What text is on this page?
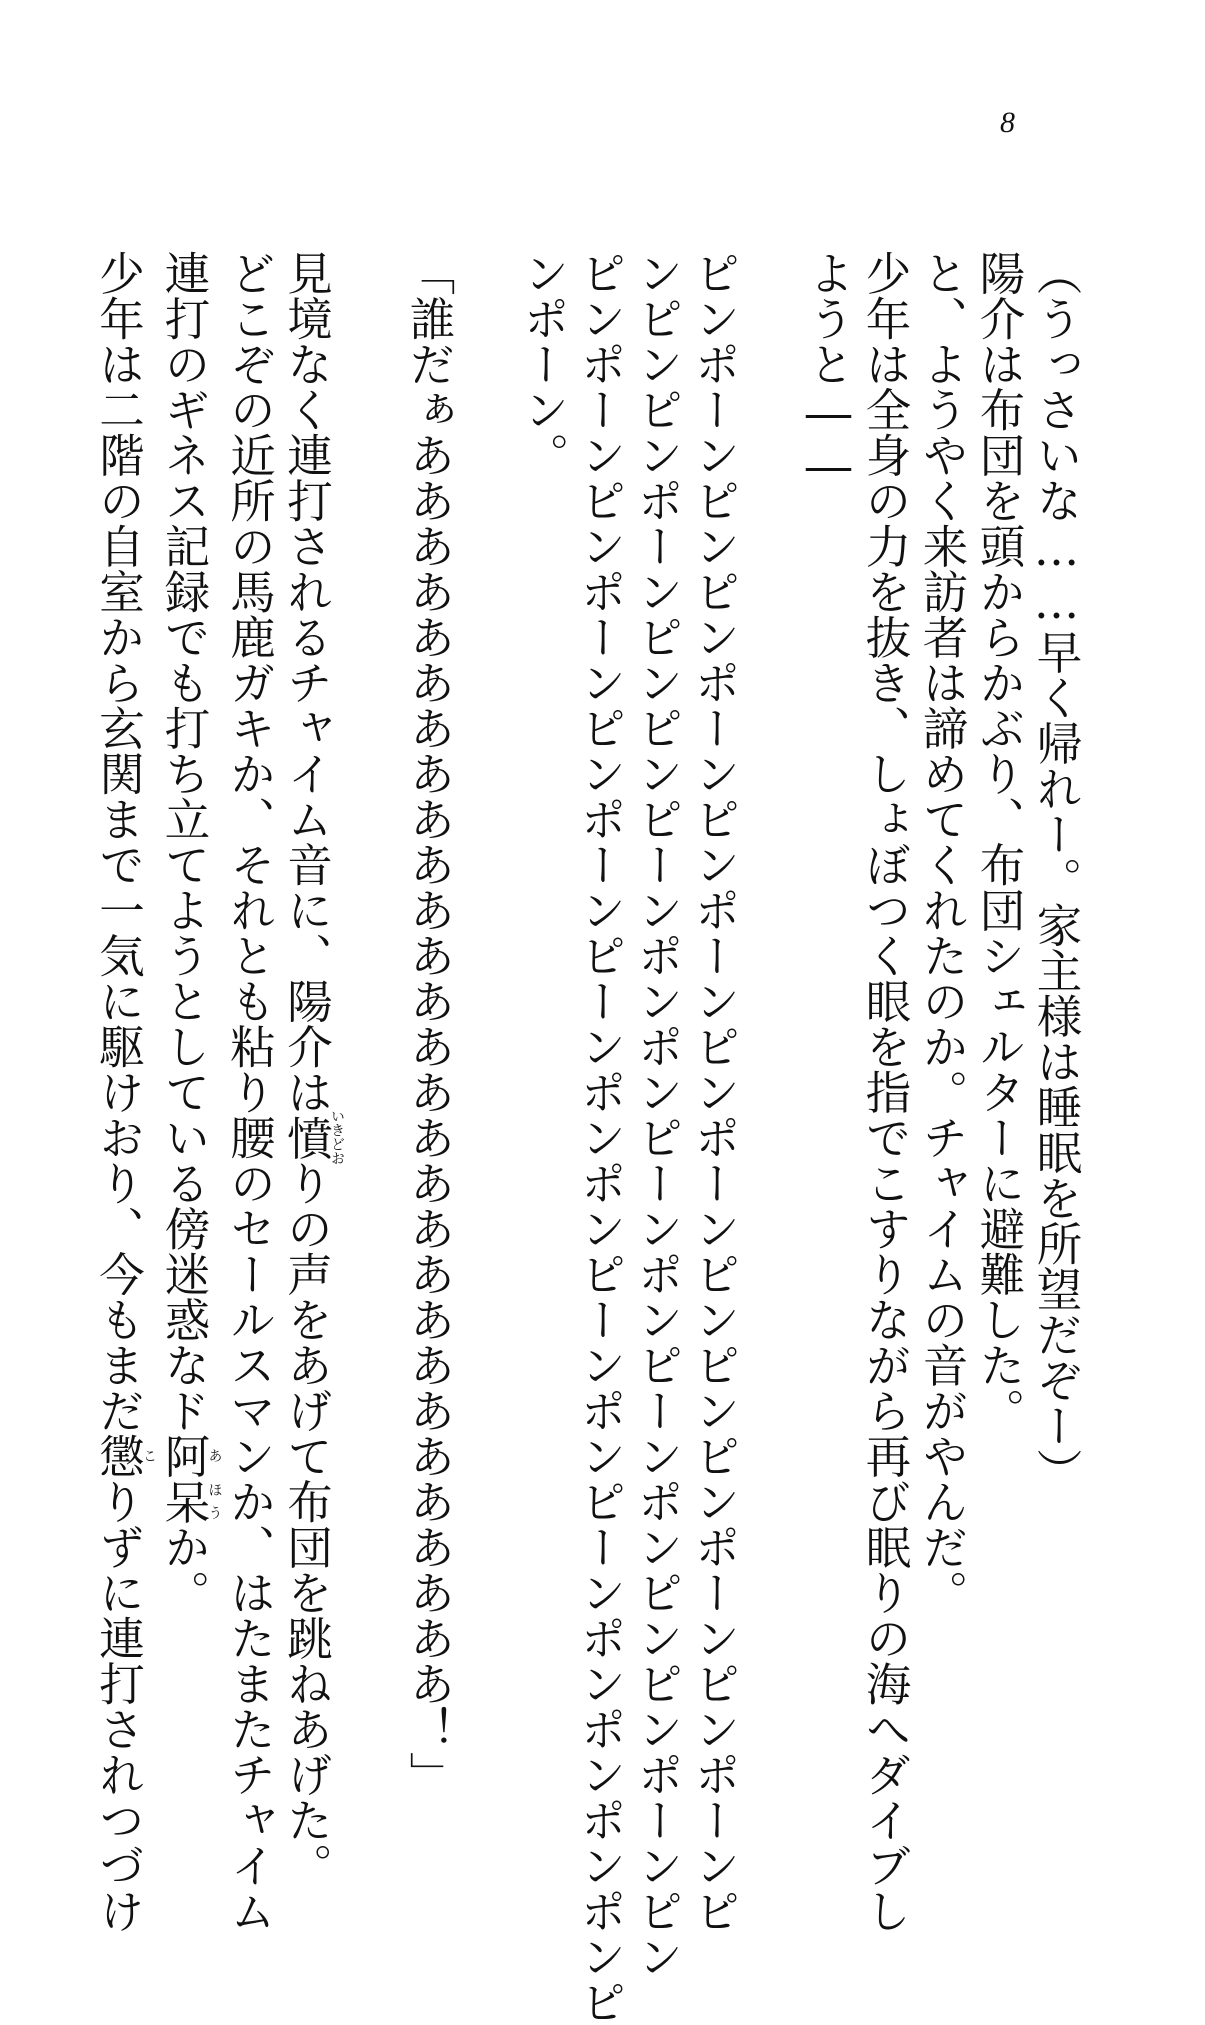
8
（うっさいな……早く帰れー。家主様は睡眠を所望だぞー）
陽介は布団を頭からかぶり、布団シェルターに避難した。
と、ようやく来訪者は諦めてくれたのか。チャイムの音がやんだ。
少年は全身の力を抜き、しょぼつく眼を指でこすりながら再び眠りの海へダイブし
ようと――
ピンポーンピンピンポーンピンポーンピンポーンピンピンピンポーンピンポーンピ
ンピンピンポーンピンピンピーンポンポンピーンポンピーンポンピンピンポーンピン
ピンポーンピンポーンピンポーンピーンポンポンピーンポンピーンポンポンポンポンピ
ンポーン。
「誰だぁああああああああああああああああああああああああああああ！」
見境なく連打されるチャイム音に、陽介は憤いきどおりの声をあげて布団を跳ねあげた。
どこぞの近所の馬鹿ガキか、それとも粘り腰のセールスマンか、はたまたチャイム
連打のギネス記録でも打ち立てようとしている傍迷惑なド阿あ呆ほうか。
少年は二階の自室から玄関まで一気に駆けおり、今もまだ懲こりずに連打されつづけ
